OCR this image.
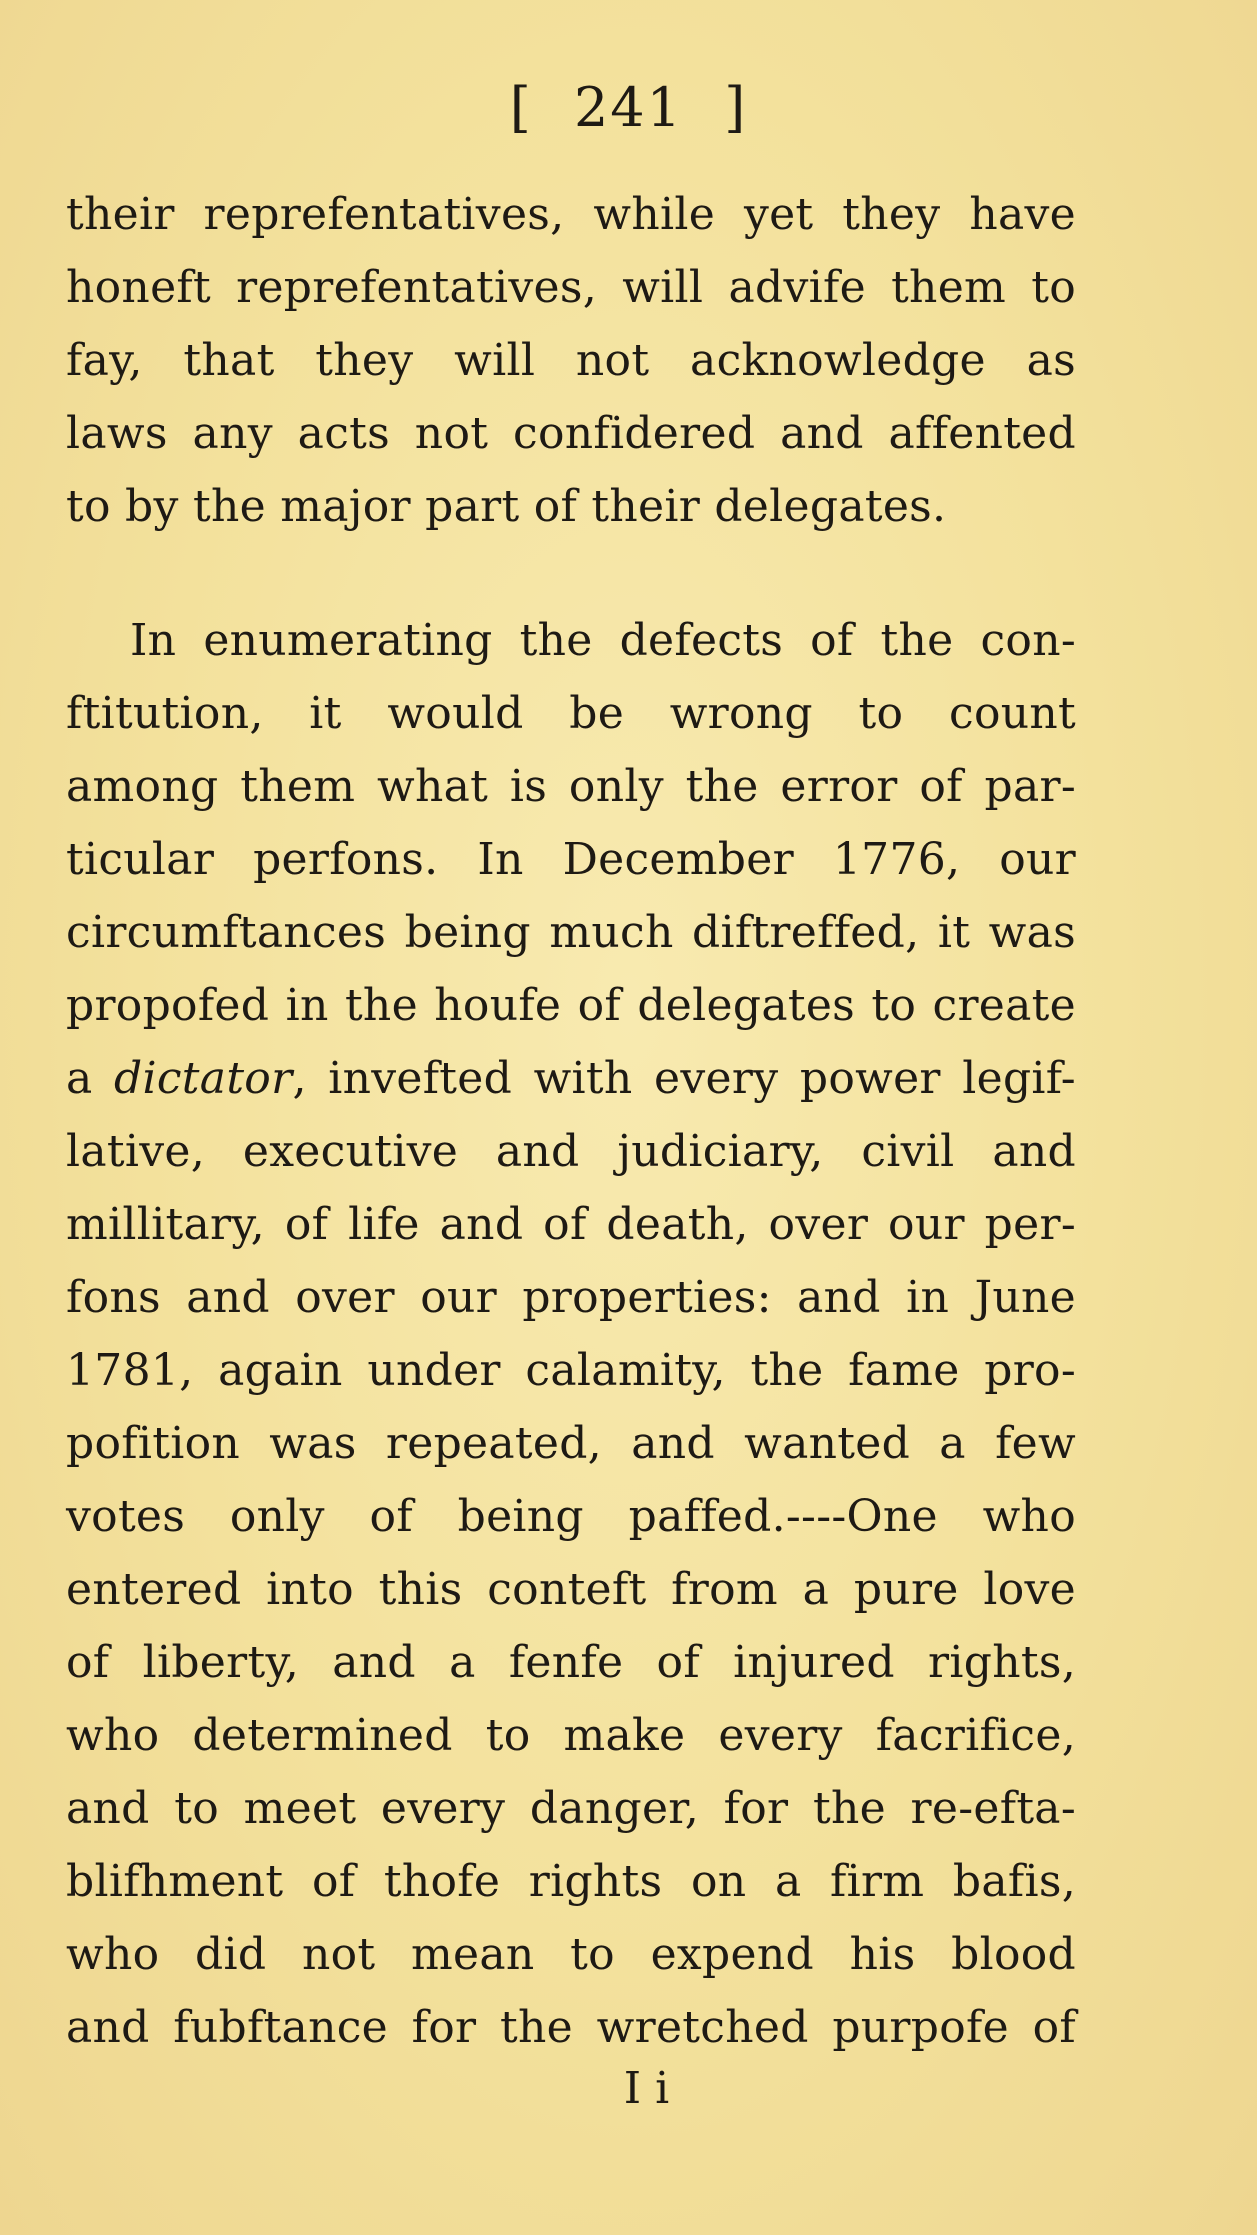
[ 241 ]
their reprefentatives, while yet they have
honeft reprefentatives, will advife them to
fay, that they will not acknowledge as
laws any acts not confidered and affented
to by the major part of their delegates.
In enumerating the defects of the con-
ftitution, it would be wrong to count
among them what is only the error of par-
ticular perfons. In December 1776, our
circumftances being much diftreffed, it was
propofed in the houfe of delegates to create
a dictator, invefted with every power legif-
lative, executive and judiciary, civil and
millitary, of life and of death, over our per-
fons and over our properties: and in June
1781, again under calamity, the fame pro-
pofition was repeated, and wanted a few
votes only of being paffed.----One who
entered into this conteft from a pure love
of liberty, and a fenfe of injured rights,
who determined to make every facrifice,
and to meet every danger, for the re-efta-
blifhment of thofe rights on a firm bafis,
who did not mean to expend his blood
and fubftance for the wretched purpofe of
I i
